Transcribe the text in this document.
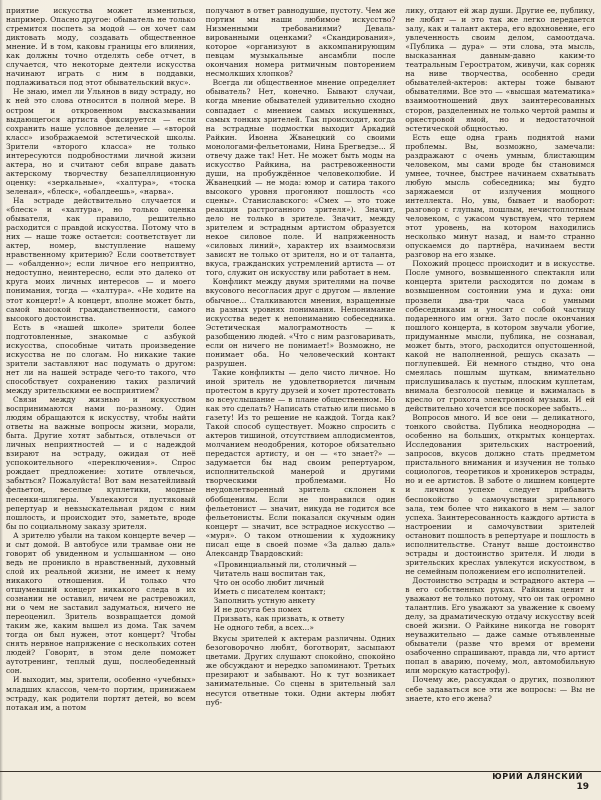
приятие искусства может измениться, например. Опасно другое: обыватель не только стремится поспеть за модой — он хочет сам диктовать моду, создавать общественное мнение. И в том, каковы границы его влияния, как должны точно отделять себе отчет, в случается, что некоторые деятели искусства начинают играть с ним в поддавки, подлаживаться под этот обывательский вкус».

Не знаю, имел ли Ульянов в виду эстраду, но к ней это слова относятся в полной мере. В остром и откровенном высказывании выдающегося артиста фиксируется — если сохранить наше условное деление — «второй класс» изображаемой эстетической школы. Зрители «второго класса» не только интересуются подробностями личной жизни актера, но и считают себя вправе давать актерскому творчеству безапелляционную оценку: «зеркальные», «халтура», «тоска зеленая», «блеск», «обалдеешь», «нарва».

На эстраде действительно случается и «блеск» и «халтура», но только оценка обывателя, как правило, решительно расходится с правдой искусства. Потому что в них — наше тоже остается: соответствует ли актер, номер, выступление нашему нравственному критерию? Если соответствует — «обалденно»; если личное его неприятно, недоступно, неинтересно, если это далеко от круга моих личных интересов — и моего понимания, тогда — «халтура». «Не ходите на этот концерт!» А концерт, вполне может быть, самой высокой гражданственности, самого высокого достоинства.

Есть в «нашей школе» зрители более подготовленные, знакомые с азбукой искусства, способные читать произведение искусства не по слогам. Но никакие такие зрители заставляют нас подумать о другом: нет ли на нашей эстраде чего-то такого, что способствует сохранению таких различий между зрительскими ее восприятием?

Связи между жизнью и искусством воспринимаются нами по-разному. Один людям обращаются к искусству, чтобы найти ответы на важные вопросы жизни, морали, быта. Другие хотят забыться, отвлечься от личных неприятностей — и с надеждой взирают на эстраду, ожидая от неё успокоительного «переключения». Спрос рождает предложение: хотите отвлечься, забыться? Пожалуйста! Вот вам незатейливый фельетон, веселые куплетики, модные песенки-шлягеры. Увлекаются пустяковый репертуар и невзыскательная рядом с ним пошлость, и происходит это, заметьте, вроде бы по социальному заказу зрителя.

А зрителю убыли на таком концерте вечер — и сыт домой. В автобусе или трамвае они не говорят об увиденном и услышанном — оно ведь не проникло в нравственный, духовный слой их реальной жизни, не имеет к нему никакого отношения. И только что отшумевший концерт никакого следа в их сознании не оставил, ничем не растревожил, ни о чем не заставил задуматься, ничего не переоценил. Зритель возвращается домой таким же, каким вышел из дома. Так зачем тогда он был нужен, этот концерт? Чтобы снять нервное напряжение с нескольких сотен людей? Говорят, в этом деле поможет аутотренинг, теплый душ, послеобеденный сон.

И выходит, мы, зрители, особенно «учебных» младших классов, чем-то портим, принижаем эстраду, как родители портят детей, во всем потакая им, а потом

получают в ответ равнодушие, пустоту. Чем же портим мы наши любимое искусство? Низменными требованиями? Деваль-вированными оценками? «Скандирования», которое «организуют в аккомпанирующим певцам музыкальные ансамбли после окончания номера ритмичным повторением несмолкших хлопков?

Всегда ли общественное мнение определяет обыватель? Нет, конечно. Бывают случаи, когда мнение обывателей удивительно сходно совпадает с мнением самых искушенных, самых тонких зрителей. Так происходит, когда на эстрадные подмостки выходит Аркадий Райкин. Ивонна Жванецкий со своими монологами-фельетонами, Нина Брегведзе... Я отвечу даже так! Нет. Не может быть моды на искусство Райкина, на растревоженности души, на пробуждённое человеколюбие. И Жванецкий — не мода: юмор и сатира такого высокого уровня прогоняют пошлость «со сцены». Станиславского: «Смех — это тоже реакция растроганного зрителя»). Значит, дело не только в зрителе. Значит, между зрителем и эстрадным артистом образуется некое силовое поле. И напряженность «силовых линий», характер их взаимосвязи зависят не только от зрителя, но и от таланта, вкуса, гражданских устремлений артиста — от того, служит он искусству или работает в нем.

Конфликт между двумя зрителями на почве вкусового несогласия друг с другом — явление обычное... Сталкиваются мнения, взращенные на разных уровнях понимания. Непонимание искусства ведет к непониманию собеседника. Эстетическая малограмотность — к разобщению людей. «Что с ним разговаривать, если он ничего не понимает!» Возможно, не понимает оба. Но человеческий контакт разрушен.

Такие конфликты — дело чисто личное. Но иной зритель не удовлетворяется личным протестом в кругу друзей и хочет протестовать во всеуслышание — в плане общественном. Но как это сделать? Написать статью или письмо в газету! Из то решение не каждой. Тогда как? Такой способ существует. Можно спросить с актеров тишиной, отсутствием аплодисментов, молчанием неодобрения, которое обязательно передастся артисту, и он — «то знает?» — задумается бы над своим репертуаром, исполнительской манерой и другими творческими проблемами. Но неудовлетворенный зритель склонен к обобщениям. Если не понравился один фельетонист — значит, никуда не годится все фельетонисты. Если показался скучным один концерт — значит, все эстрадное искусство — «муря». О таком отношении к художнику писал еще в своей поэме «За далью даль» Александр Твардовский:

«Провинциальный ли, столичный —
Читатель наш воспитан так,
Что он особо любит личный
Иметь с писателем контакт;
Заполнить устную анкету
И не досуга без помех
Призвать, как призвать, к ответу
Не одного тебя, а всех...»

Вкусы зрителей к актерам различны. Одних безоговорочно любят, боготворят, засыпают цветами. Других слушают спокойно, спокойно же обсуждают и нередко запоминают. Третьих презирают и забывают. Но к тут возникает занимательные. Со сцены в зрительный зал несутся ответные токи. Одни актеры любят пуб-

лику, отдают ей жар души. Другие ее, публику, не любят — и это так же легко передается залу, как и талант актера, его вдохновение, его увлеченность своим делом, самоотдача. «Публика — дура» — эти слова, эта мысль, высказанная давным-давно каким-то театральным Геростратом, живучи, как сорняк на ниве творчества, особенно среди обывателей-актеров: актеры тоже бывают обывателями. Все это — «высшая математика» взаимоотношений двух заинтересованных сторон, разделенных не только чертой рампы и оркестровой ямой, но и недостаточной эстетической общностью.

Есть еще одна грань поднятой нами проблемы. Вы, возможно, замечали: раздражают с очень умным, блистающим человеком, мы сами вроде бы становимся умнее, точнее, быстрее начинаем схватывать любую мысль собеседника; мы будто заряжаемся от излучения мощного интеллекта. Но, увы, бывает и наоборот: разговор с глупым, пошлым, нечистоплотным человеком, с ужасом чувствуем, что теряем этот уровень, на котором находились несколько минут назад, и нам-то странно опускаемся до партнёра, начинаем вести разговор на его языке.

Похожий процесс происходит и в искусстве. После умного, возвышенного спектакля или концерта зрители расходятся по домам в возвышенном состоянии ума и духа: они прозвели два-три часа с умными собеседниками и уносят с собой частицу подаренного им огня. Зато после окончания пошлого концерта, в котором звучали убогие, придуманные мысли, публика, не сознавая, может быть, этого, расходится опустошенной, какой не наполненной, решусь сказать — поглупевшей. Ей немного стыдно, что она смеялась пошлым шуткам, внимательно прислушивалась к пустым, плоским куплетам, внимала безголосой певице и вжималась в кресло от грохота электронной музыки. И ей действительно хочется все поскорее забыть...

Вопросов много. И все они — деликатного, тонкого свойства. Публика неоднородна — особенно на больших, открытых концертах. Исследования зрительских настроений, запросов, вкусов должно стать предметом пристального внимания и изучения не только социологов, теоретиков и хроникеров эстрады, но и ее артистов. В заботе о лишнем концерте и личном успехе следует прибавить беспокойство о самочувствии зрительного зала, тем более что никакого в нем — залог успеха. Заинтересованность каждого артиста в настроении и самочувствии зрителей остановит пошлость в репертуаре и пошлость в исполнительстве. Станут выше достоинство эстрады и достоинство зрителя. И люди в зрительских креслах увлекутся искусством, в не семейным положением его исполнителей.

Достоинство эстрады и эстрадного актера — в его собственных руках. Райкина ценит и уважают не только потому, что он так огромно талантлив. Его уважают за уважение к своему делу, за драматическую отдачу искусству всей своей жизни. О Райкине никогда не говорят неуважительно — даже самые отъявленные обыватели (разве что время от времени озабоченно спрашивают, правда ли, что артист попал в аварию, почему, мол, автомобильную или морскую катастрофу).

Почему же, рассуждая о других, позволяют себе задаваться все эти же вопросы: — Вы не знаете, кто его жена?

ЮРИЙ АЛЯНСКИЙ
19
